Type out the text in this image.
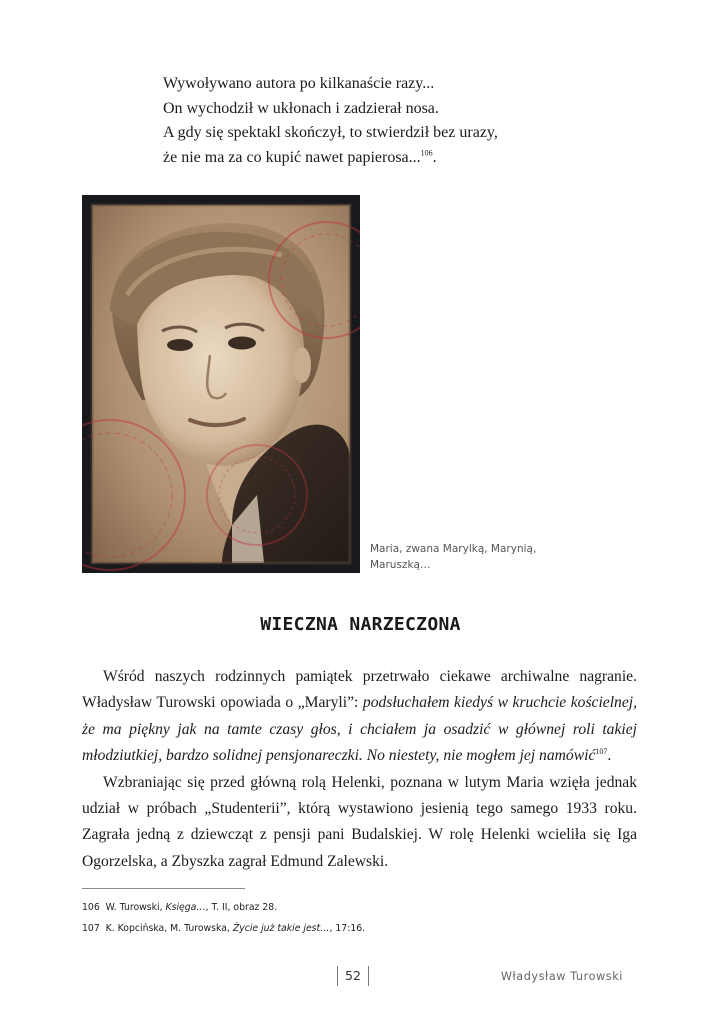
Wywoływano autora po kilkanaście razy...
On wychodził w ukłonach i zadzierał nosa.
A gdy się spektakl skończył, to stwierdził bez urazy,
że nie ma za co kupić nawet papierosa...$^{106}$.
Maria, zwana Marylką, Marynią, Maruszką…
WIECZNA NARZECZONA

Wśród naszych rodzinnych pamiątek przetrwało ciekawe archiwalne nagranie. Władysław Turowski opowiada o „Maryli”: podsłuchałem kiedyś w kruchcie kościelnej, że ma piękny jak na tamte czasy głos, i chciałem ja osadzić w głównej roli takiej młodziutkiej, bardzo solidnej pensjonareczki. No niestety, nie mogłem jej namówić$^{107}$.

Wzbraniając się przed główną rolą Helenki, poznana w lutym Maria wzięła jednak udział w próbach „Studenterii”, którą wystawiono jesienią tego samego 1933 roku. Zagrała jedną z dziewcząt z pensji pani Budalskiej. W rolę Helenki wcieliła się Iga Ogorzelska, a Zbyszka zagrał Edmund Zalewski.

106 W. Turowski, Księga…, T. II, obraz 28.
107 K. Kopcińska, M. Turowska, Życie już takie jest…, 17:16.
52	Władysław Turowski
